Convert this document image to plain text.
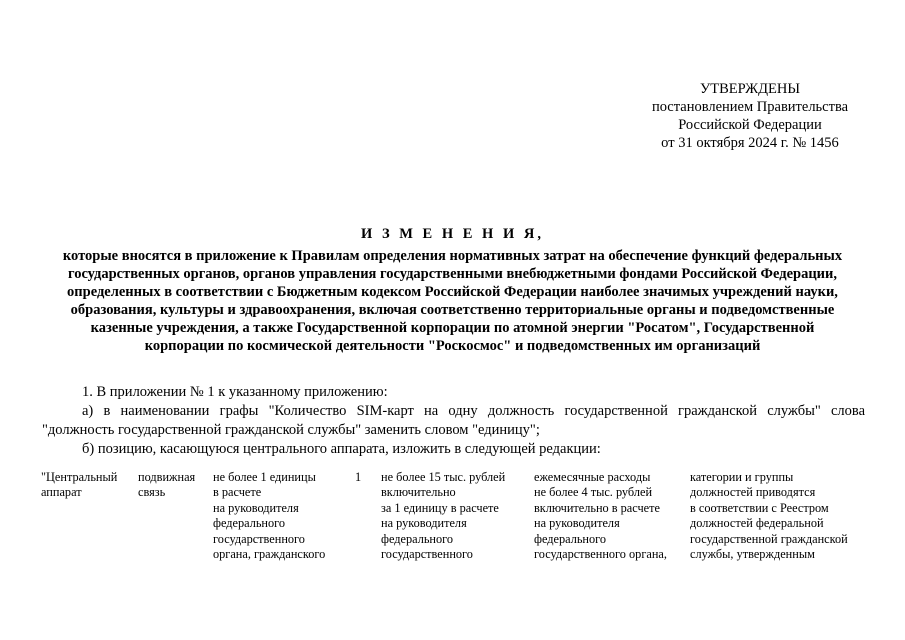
УТВЕРЖДЕНЫ
постановлением Правительства
Российской Федерации
от 31 октября 2024 г. № 1456
И З М Е Н Е Н И Я,
которые вносятся в приложение к Правилам определения нормативных затрат на обеспечение функций федеральных
государственных органов, органов управления государственными внебюджетными фондами Российской Федерации,
определенных в соответствии с Бюджетным кодексом Российской Федерации наиболее значимых учреждений науки,
образования, культуры и здравоохранения, включая соответственно территориальные органы и подведомственные
казенные учреждения, а также Государственной корпорации по атомной энергии "Росатом", Государственной
корпорации по космической деятельности "Роскосмос" и подведомственных им организаций
1. В приложении № 1 к указанному приложению:
а) в наименовании графы "Количество SIM-карт на одну должность государственной гражданской службы" слова
"должность государственной гражданской службы" заменить словом "единицу";
б) позицию, касающуюся центрального аппарата, изложить в следующей редакции:
"Центральный
аппарат
подвижная
связь
не более 1 единицы
в расчете
на руководителя
федерального
государственного
органа, гражданского
1 не более 15 тыс. рублей
включительно
за 1 единицу в расчете
на руководителя
федерального
государственного
ежемесячные расходы
не более 4 тыс. рублей
включительно в расчете
на руководителя
федерального
государственного органа,
категории и группы
должностей приводятся
в соответствии с Реестром
должностей федеральной
государственной гражданской
службы, утвержденным
